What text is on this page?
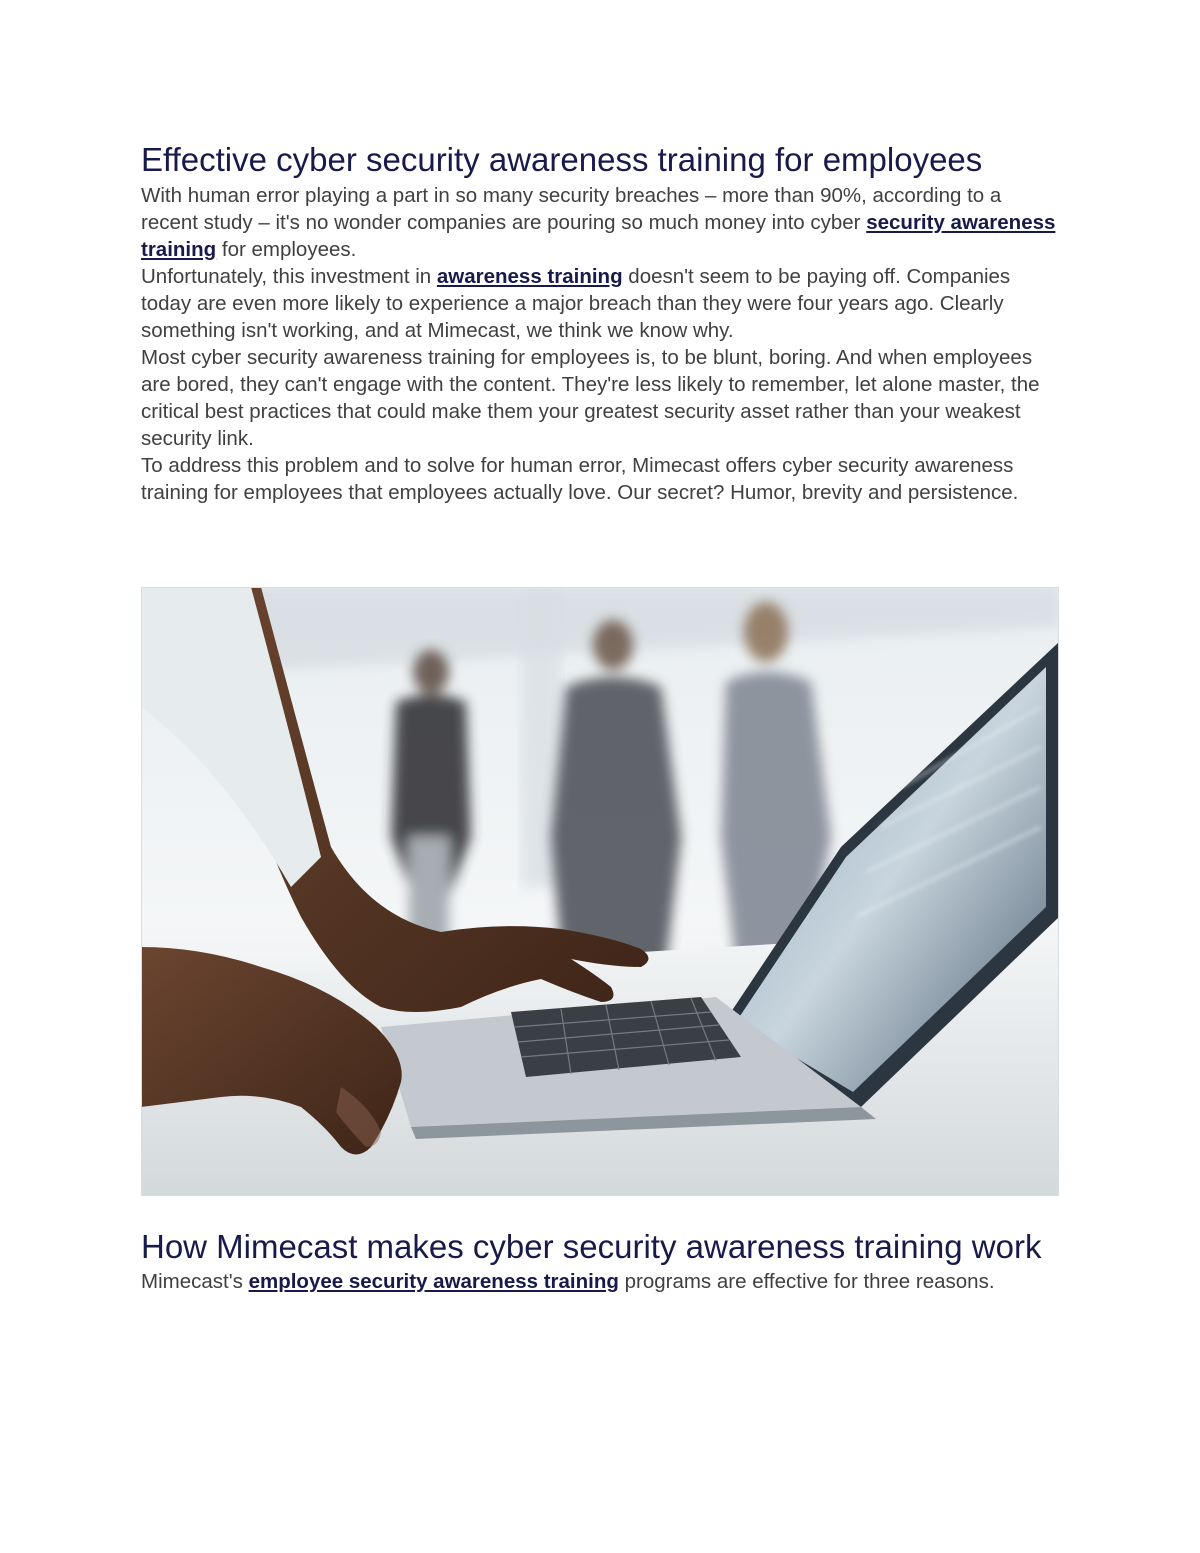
Effective cyber security awareness training for employees

With human error playing a part in so many security breaches – more than 90%, according to a recent study – it's no wonder companies are pouring so much money into cyber security awareness training for employees.

Unfortunately, this investment in awareness training doesn't seem to be paying off. Companies today are even more likely to experience a major breach than they were four years ago. Clearly something isn't working, and at Mimecast, we think we know why.

Most cyber security awareness training for employees is, to be blunt, boring. And when employees are bored, they can't engage with the content. They're less likely to remember, let alone master, the critical best practices that could make them your greatest security asset rather than your weakest security link.

To address this problem and to solve for human error, Mimecast offers cyber security awareness training for employees that employees actually love. Our secret? Humor, brevity and persistence.

How Mimecast makes cyber security awareness training work

Mimecast's employee security awareness training programs are effective for three reasons.
